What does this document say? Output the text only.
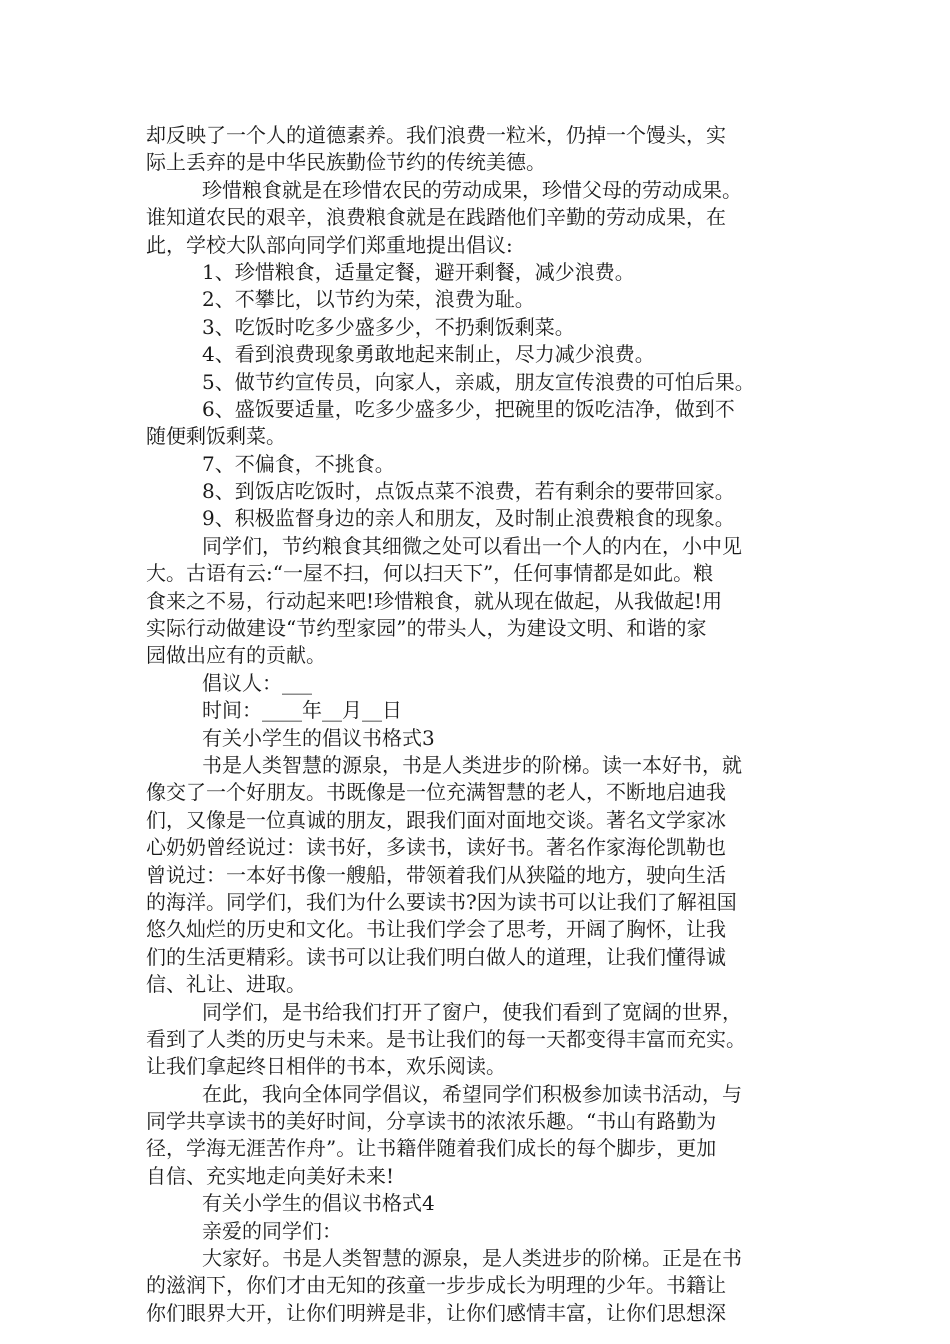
却反映了一个人的道德素养。我们浪费一粒米，仍掉一个馒头，实
际上丢弃的是中华民族勤俭节约的传统美德。
珍惜粮食就是在珍惜农民的劳动成果，珍惜父母的劳动成果。
谁知道农民的艰辛，浪费粮食就是在践踏他们辛勤的劳动成果，在
此，学校大队部向同学们郑重地提出倡议:
1、珍惜粮食，适量定餐，避开剩餐，减少浪费。
2、不攀比，以节约为荣，浪费为耻。
3、吃饭时吃多少盛多少，不扔剩饭剩菜。
4、看到浪费现象勇敢地起来制止，尽力减少浪费。
5、做节约宣传员，向家人，亲戚，朋友宣传浪费的可怕后果。
6、盛饭要适量，吃多少盛多少，把碗里的饭吃洁净，做到不
随便剩饭剩菜。
7、不偏食，不挑食。
8、到饭店吃饭时，点饭点菜不浪费，若有剩余的要带回家。
9、积极监督身边的亲人和朋友，及时制止浪费粮食的现象。
同学们，节约粮食其细微之处可以看出一个人的内在，小中见
大。古语有云:“一屋不扫，何以扫天下”，任何事情都是如此。粮
食来之不易，行动起来吧!珍惜粮食，就从现在做起，从我做起!用
实际行动做建设“节约型家园”的带头人，为建设文明、和谐的家
园做出应有的贡献。
倡议人：___
时间：____年__月__日
有关小学生的倡议书格式3
书是人类智慧的源泉，书是人类进步的阶梯。读一本好书，就
像交了一个好朋友。书既像是一位充满智慧的老人，不断地启迪我
们，又像是一位真诚的朋友，跟我们面对面地交谈。著名文学家冰
心奶奶曾经说过：读书好，多读书，读好书。著名作家海伦凯勒也
曾说过：一本好书像一艘船，带领着我们从狭隘的地方，驶向生活
的海洋。同学们，我们为什么要读书?因为读书可以让我们了解祖国
悠久灿烂的历史和文化。书让我们学会了思考，开阔了胸怀，让我
们的生活更精彩。读书可以让我们明白做人的道理，让我们懂得诚
信、礼让、进取。
同学们，是书给我们打开了窗户，使我们看到了宽阔的世界，
看到了人类的历史与未来。是书让我们的每一天都变得丰富而充实。
让我们拿起终日相伴的书本，欢乐阅读。
在此，我向全体同学倡议，希望同学们积极参加读书活动，与
同学共享读书的美好时间，分享读书的浓浓乐趣。“书山有路勤为
径，学海无涯苦作舟”。让书籍伴随着我们成长的每个脚步，更加
自信、充实地走向美好未来!
有关小学生的倡议书格式4
亲爱的同学们：
大家好。书是人类智慧的源泉，是人类进步的阶梯。正是在书
的滋润下，你们才由无知的孩童一步步成长为明理的少年。书籍让
你们眼界大开，让你们明辨是非，让你们感情丰富，让你们思想深
